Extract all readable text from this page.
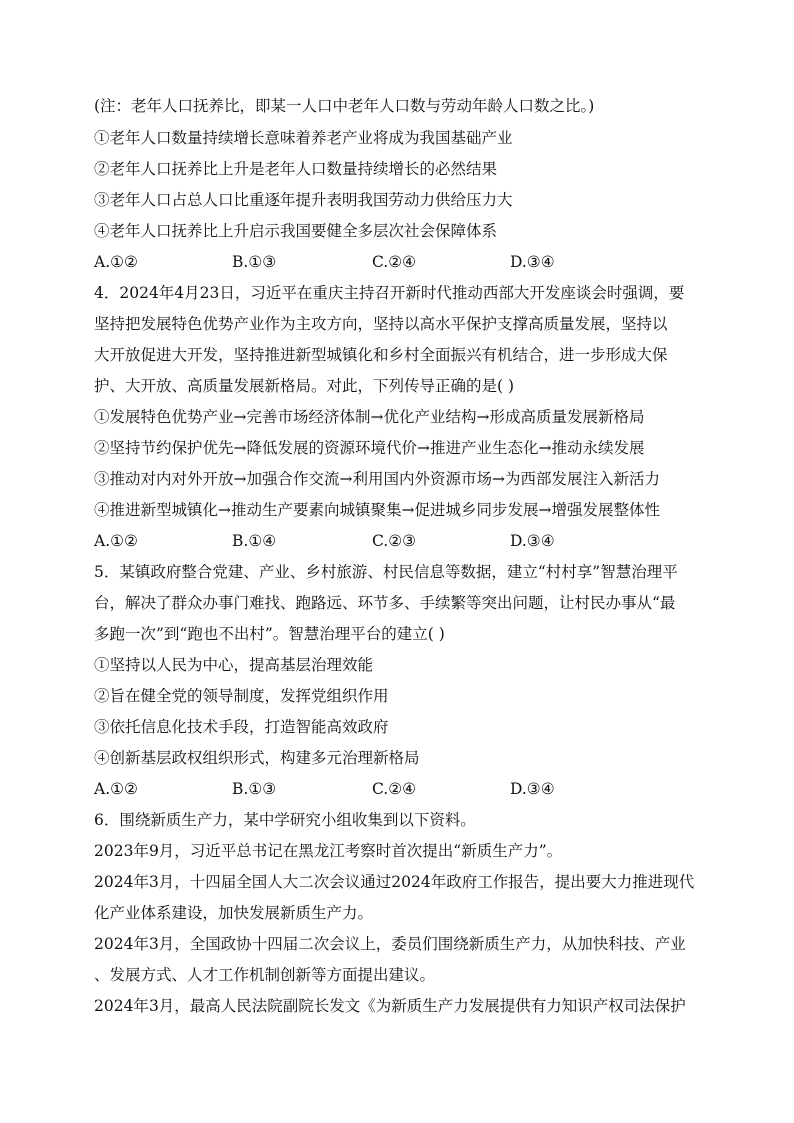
(注：老年人口抚养比，即某一人口中老年人口数与劳动年龄人口数之比。)
①老年人口数量持续增长意味着养老产业将成为我国基础产业
②老年人口抚养比上升是老年人口数量持续增长的必然结果
③老年人口占总人口比重逐年提升表明我国劳动力供给压力大
④老年人口抚养比上升启示我国要健全多层次社会保障体系
A.①②	B.①③	C.②④	D.③④
4．2024年4月23日，习近平在重庆主持召开新时代推动西部大开发座谈会时强调，要
坚持把发展特色优势产业作为主攻方向，坚持以高水平保护支撑高质量发展，坚持以
大开放促进大开发，坚持推进新型城镇化和乡村全面振兴有机结合，进一步形成大保
护、大开放、高质量发展新格局。对此，下列传导正确的是( )
①发展特色优势产业→完善市场经济体制→优化产业结构→形成高质量发展新格局
②坚持节约保护优先→降低发展的资源环境代价→推进产业生态化→推动永续发展
③推动对内对外开放→加强合作交流→利用国内外资源市场→为西部发展注入新活力
④推进新型城镇化→推动生产要素向城镇聚集→促进城乡同步发展→增强发展整体性
A.①②	B.①④	C.②③	D.③④
5．某镇政府整合党建、产业、乡村旅游、村民信息等数据，建立“村村享”智慧治理平
台，解决了群众办事门难找、跑路远、环节多、手续繁等突出问题，让村民办事从“最
多跑一次”到“跑也不出村”。智慧治理平台的建立( )
①坚持以人民为中心，提高基层治理效能
②旨在健全党的领导制度，发挥党组织作用
③依托信息化技术手段，打造智能高效政府
④创新基层政权组织形式，构建多元治理新格局
A.①②	B.①③	C.②④	D.③④
6．围绕新质生产力，某中学研究小组收集到以下资料。
2023年9月，习近平总书记在黑龙江考察时首次提出“新质生产力”。
2024年3月，十四届全国人大二次会议通过2024年政府工作报告，提出要大力推进现代
化产业体系建设，加快发展新质生产力。
2024年3月，全国政协十四届二次会议上，委员们围绕新质生产力，从加快科技、产业
、发展方式、人才工作机制创新等方面提出建议。
2024年3月，最高人民法院副院长发文《为新质生产力发展提供有力知识产权司法保护
